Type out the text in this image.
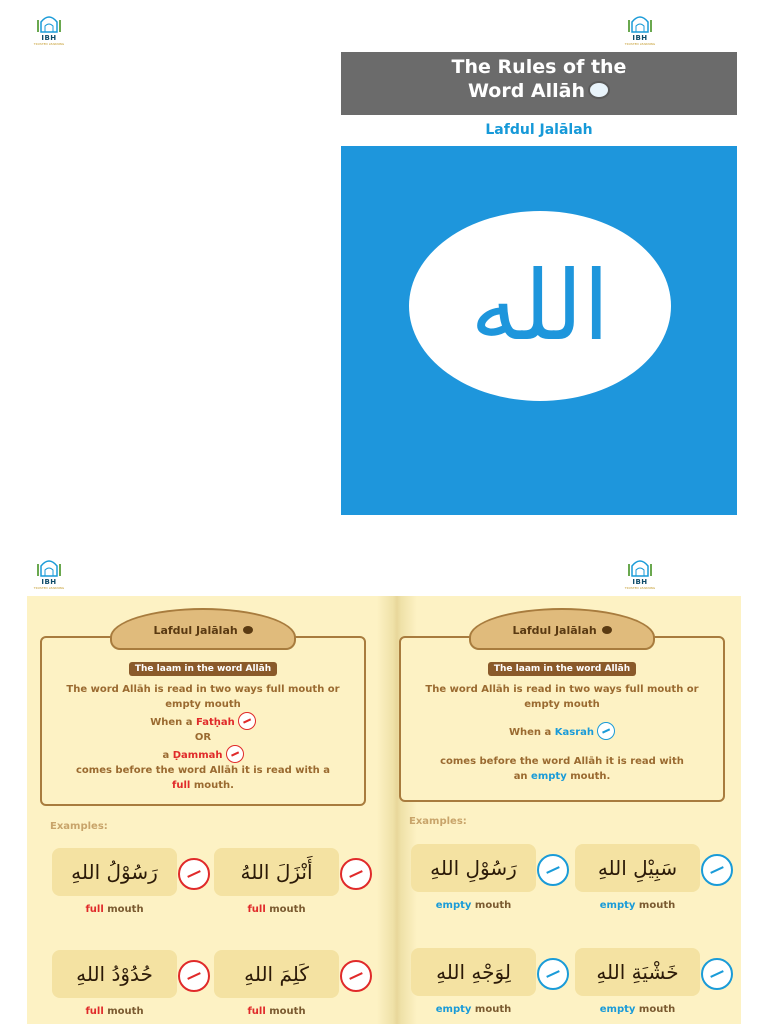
IBH
TRUSTED LEARNING
IBH
TRUSTED LEARNING
IBH
TRUSTED LEARNING
IBH
TRUSTED LEARNING
The Rules of the
Word Allāh
Lafdul Jalālah
الله
Lafdul Jalālah
The laam in the word Allāh

The word Allāh is read in two ways full mouth or empty mouth

When a Fatḥah

OR

a Ḍammah

comes before the word Allāh it is read with a

full mouth.

Examples:
رَسُوْلُ اللهِ
full mouth
أَنْزَلَ اللهُ
full mouth
حُدُوْدُ اللهِ
full mouth
كَلِمَ اللهِ
full mouth
Lafdul Jalālah
The laam in the word Allāh

The word Allāh is read in two ways full mouth or empty mouth

When a Kasrah

comes before the word Allāh it is read with

an empty mouth.

Examples:
رَسُوْلِ اللهِ
empty mouth
سَبِيْلِ اللهِ
empty mouth
لِوَجْهِ اللهِ
empty mouth
خَشْيَةِ اللهِ
empty mouth
